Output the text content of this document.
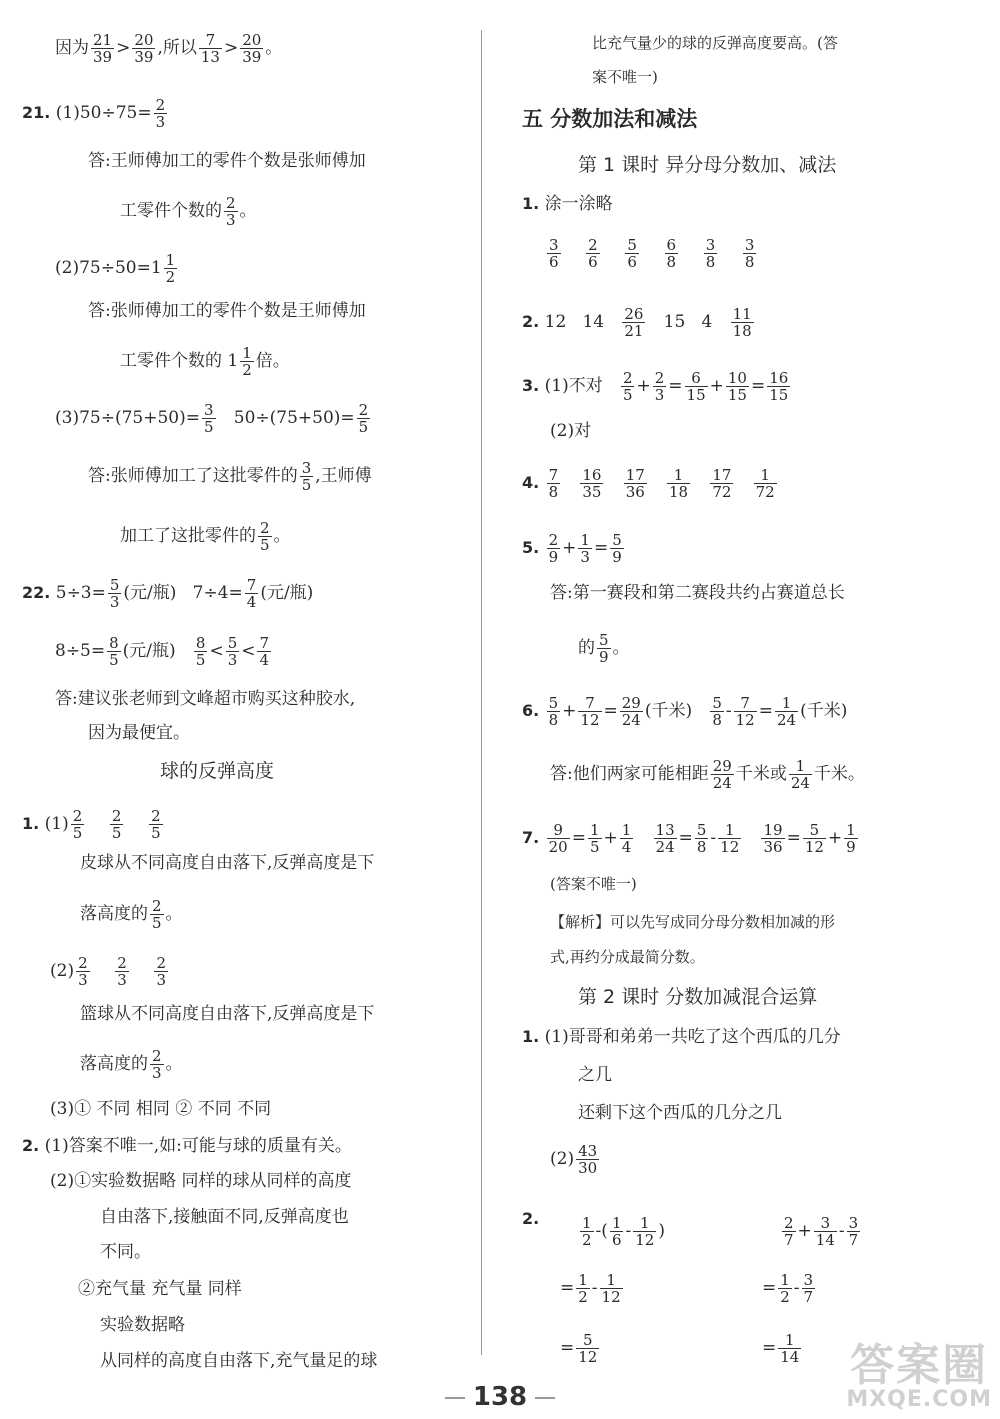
因为 $\frac{21}{39} > \frac{20}{39}$ ,所以 $\frac{7}{13} > \frac{20}{39}$ 。
21. $(1)50\div 75= \frac{2}{3}$
答:王师傅加工的零件个数是张师傅加
工零件个数的 $\frac{2}{3}$ 。
$(2)75\div 50=1 \frac{1}{2}$
答:张师傅加工的零件个数是王师傅加
工零件个数的 $1 \frac{1}{2}$ 倍。
$(3)75\div(75+50)= \frac{3}{5} 50\div(75+50)= \frac{2}{5}$
答:张师傅加工了这批零件的 $\frac{3}{5}$ ,王师傅
加工了这批零件的 $\frac{2}{5}$ 。
22. $5\div 3= \frac{5}{3}$ (元/瓶) $7\div 4= \frac{7}{4}$ (元/瓶)
$8\div 5= \frac{8}{5}$ (元/瓶) $\frac{8}{5} < \frac{5}{3} < \frac{7}{4}$
答:建议张老师到文峰超市购买这种胶水,
因为最便宜。
球的反弹高度
1. $(1) \frac{2}{5}$
$\frac{2}{5}$
$\frac{2}{5}$
皮球从不同高度自由落下,反弹高度是下
落高度的 $\frac{2}{5}$ 。
$(2) \frac{2}{3}$
$\frac{2}{3}$
$\frac{2}{3}$
篮球从不同高度自由落下,反弹高度是下
落高度的 $\frac{2}{3}$ 。
(3)① 不同 相同 ② 不同 不同
2. (1)答案不唯一,如:可能与球的质量有关。
(2)①实验数据略 同样的球从同样的高度
自由落下,接触面不同,反弹高度也
不同。
②充气量 充气量 同样
实验数据略
从同样的高度自由落下,充气量足的球
比充气量少的球的反弹高度要高。(答
案不唯一)
五 分数加法和减法
第 1 课时 异分母分数加、减法
1. 涂一涂略
$\frac{3}{6}$
$\frac{2}{6}$
$\frac{5}{6}$
$\frac{6}{8}$
$\frac{3}{8}$
$\frac{3}{8}$
2. 12 $14 \frac{26}{21} 15$ $4 \frac{11}{18}$
3. (1)不对 $\frac{2}{5} + \frac{2}{3} = \frac{6}{15} + \frac{10}{15} = \frac{16}{15}$
(2)对
4. $\frac{7}{8}$
$\frac{16}{35}$
$\frac{17}{36}$
$\frac{1}{18}$
$\frac{17}{72}$
$\frac{1}{72}$
5. $\frac{2}{9} + \frac{1}{3} = \frac{5}{9}$
答:第一赛段和第二赛段共约占赛道总长
的 $\frac{5}{9}$ 。
6. $\frac{5}{8} + \frac{7}{12} = \frac{29}{24}$ (千米) $\frac{5}{8} - \frac{7}{12} = \frac{1}{24}$ (千米)
答:他们两家可能相距 $\frac{29}{24}$ 千米或 $\frac{1}{24}$ 千米。
7. $\frac{9}{20} = \frac{1}{5} + \frac{1}{4}$
$\frac{13}{24} = \frac{5}{8} - \frac{1}{12}$
$\frac{19}{36} = \frac{5}{12} + \frac{1}{9}$
(答案不唯一)
【解析】可以先写成同分母分数相加减的形
式,再约分成最简分数。
第 2 课时 分数加减混合运算
1. (1)哥哥和弟弟一共吃了这个西瓜的几分
之几
还剩下这个西瓜的几分之几
$(2) \frac{43}{30}$
2.	$\frac{1}{2}$ -( $\frac{1}{6} - \frac{1}{12}$ )	$\frac{2}{7} + \frac{3}{14} - \frac{3}{7}$
= $\frac{1}{2} - \frac{1}{12}$	= $\frac{1}{2} - \frac{3}{7}$
= $\frac{5}{12}$	= $\frac{1}{14}$
138
答案圈
MXQE.COM
